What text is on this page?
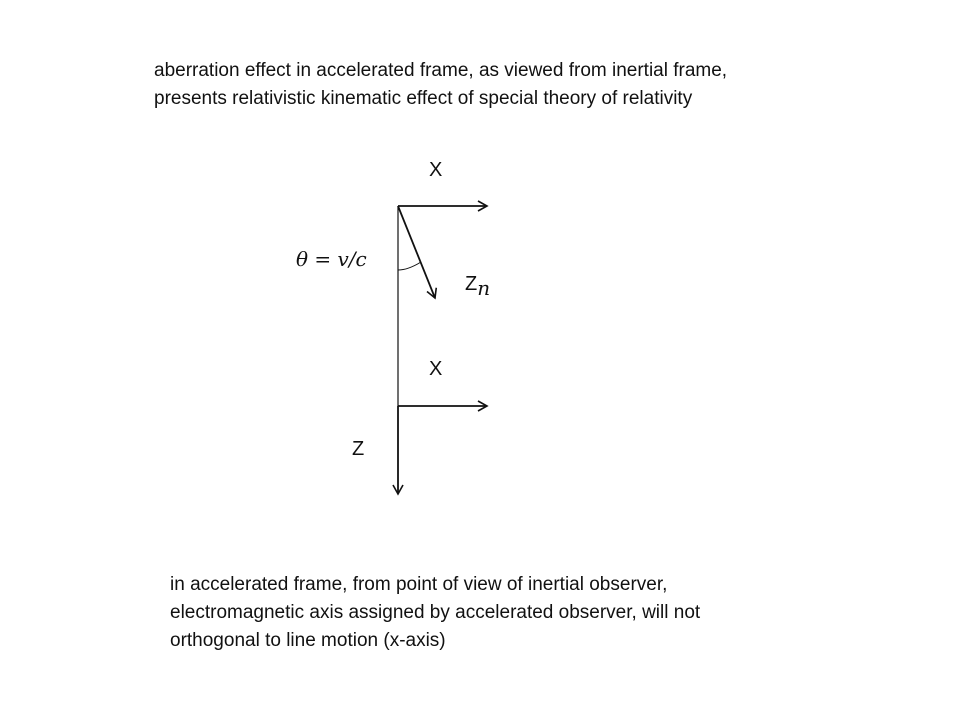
aberration effect in accelerated frame, as viewed from inertial frame,
presents relativistic kinematic effect of special theory of relativity
X
X
Z
Zn
θ = v/c
in accelerated frame, from point of view of inertial observer,
electromagnetic axis assigned by accelerated observer, will not
orthogonal to line motion (x-axis)
